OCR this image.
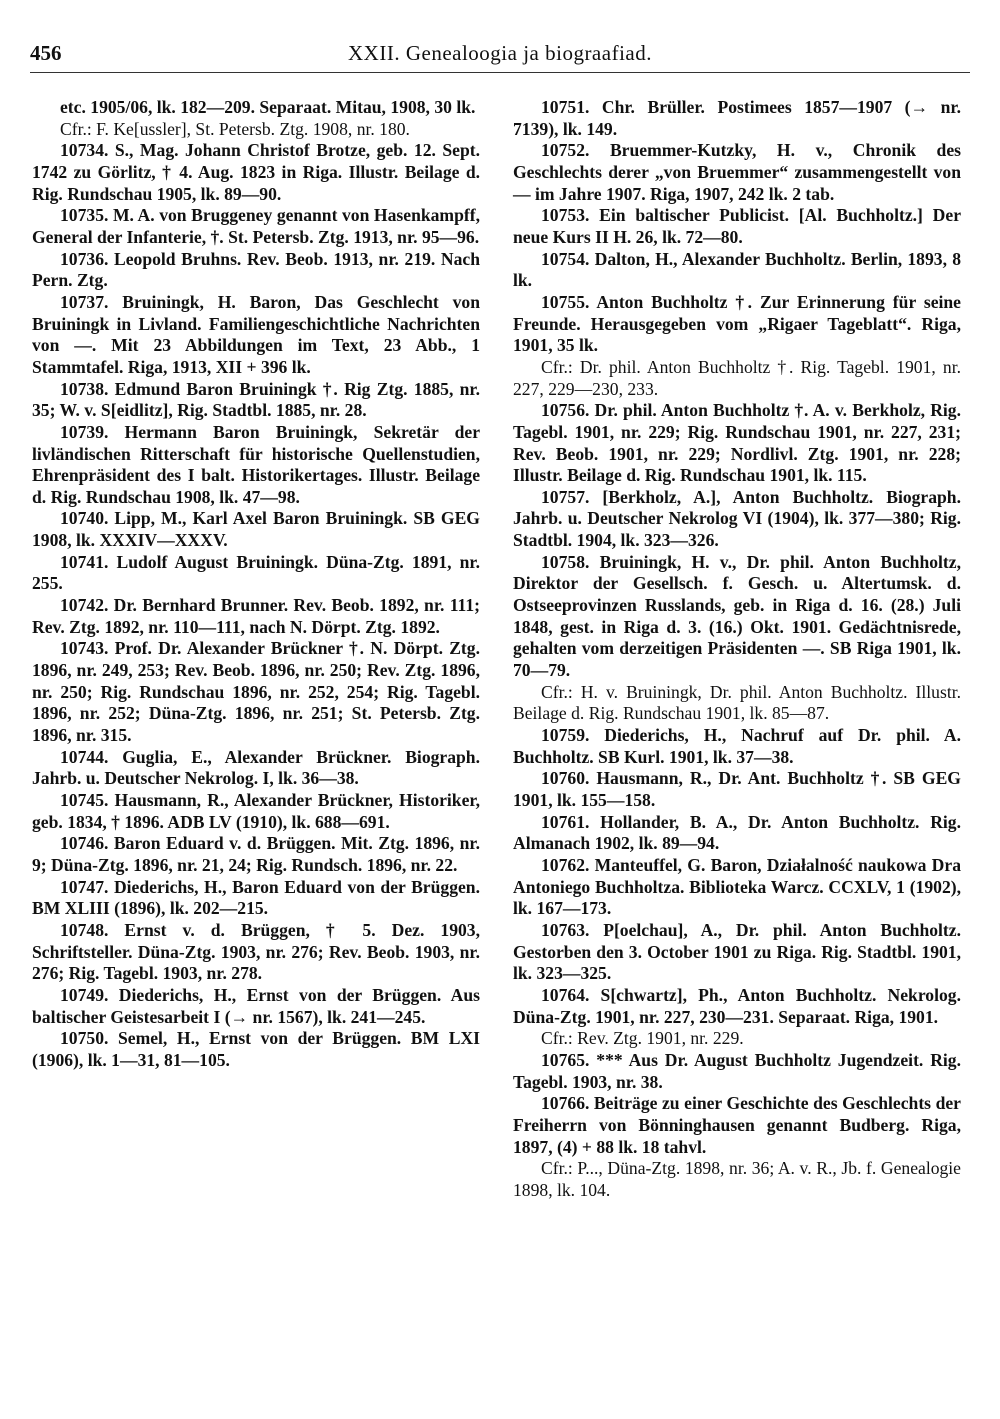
456	XXII. Genealoogia ja biograafiad.

etc. 1905/06, lk. 182—209. Separaat. Mitau, 1908, 30 lk.

Cfr.: F. Ke[ussler], St. Petersb. Ztg. 1908, nr. 180.

10734. S., Mag. Johann Christof Brotze, geb. 12. Sept. 1742 zu Görlitz, † 4. Aug. 1823 in Riga. Illustr. Beilage d. Rig. Rundschau 1905, lk. 89—90.

10735. M. A. von Bruggeney genannt von Hasenkampff, General der Infanterie, †. St. Petersb. Ztg. 1913, nr. 95—96.

10736. Leopold Bruhns. Rev. Beob. 1913, nr. 219. Nach Pern. Ztg.

10737. Bruiningk, H. Baron, Das Geschlecht von Bruiningk in Livland. Familiengeschichtliche Nachrichten von —. Mit 23 Abbildungen im Text, 23 Abb., 1 Stammtafel. Riga, 1913, XII + 396 lk.

10738. Edmund Baron Bruiningk †. Rig Ztg. 1885, nr. 35; W. v. S[eidlitz], Rig. Stadtbl. 1885, nr. 28.

10739. Hermann Baron Bruiningk, Sekretär der livländischen Ritterschaft für historische Quellenstudien, Ehrenpräsident des I balt. Historikertages. Illustr. Beilage d. Rig. Rundschau 1908, lk. 47—98.

10740. Lipp, M., Karl Axel Baron Bruiningk. SB GEG 1908, lk. XXXIV—XXXV.

10741. Ludolf August Bruiningk. Düna-Ztg. 1891, nr. 255.

10742. Dr. Bernhard Brunner. Rev. Beob. 1892, nr. 111; Rev. Ztg. 1892, nr. 110—111, nach N. Dörpt. Ztg. 1892.

10743. Prof. Dr. Alexander Brückner †. N. Dörpt. Ztg. 1896, nr. 249, 253; Rev. Beob. 1896, nr. 250; Rev. Ztg. 1896, nr. 250; Rig. Rundschau 1896, nr. 252, 254; Rig. Tagebl. 1896, nr. 252; Düna-Ztg. 1896, nr. 251; St. Petersb. Ztg. 1896, nr. 315.

10744. Guglia, E., Alexander Brückner. Biograph. Jahrb. u. Deutscher Nekrolog. I, lk. 36—38.

10745. Hausmann, R., Alexander Brückner, Historiker, geb. 1834, † 1896. ADB LV (1910), lk. 688—691.

10746. Baron Eduard v. d. Brüggen. Mit. Ztg. 1896, nr. 9; Düna-Ztg. 1896, nr. 21, 24; Rig. Rundsch. 1896, nr. 22.

10747. Diederichs, H., Baron Eduard von der Brüggen. BM XLIII (1896), lk. 202—215.

10748. Ernst v. d. Brüggen, † 5. Dez. 1903, Schriftsteller. Düna-Ztg. 1903, nr. 276; Rev. Beob. 1903, nr. 276; Rig. Tagebl. 1903, nr. 278.

10749. Diederichs, H., Ernst von der Brüggen. Aus baltischer Geistesarbeit I (→ nr. 1567), lk. 241—245.

10750. Semel, H., Ernst von der Brüggen. BM LXI (1906), lk. 1—31, 81—105.

10751. Chr. Brüller. Postimees 1857—1907 (→ nr. 7139), lk. 149.

10752. Bruemmer-Kutzky, H. v., Chronik des Geschlechts derer „von Bruemmer“ zusammengestellt von — im Jahre 1907. Riga, 1907, 242 lk. 2 tab.

10753. Ein baltischer Publicist. [Al. Buchholtz.] Der neue Kurs II H. 26, lk. 72—80.

10754. Dalton, H., Alexander Buchholtz. Berlin, 1893, 8 lk.

10755. Anton Buchholtz †. Zur Erinnerung für seine Freunde. Herausgegeben vom „Rigaer Tageblatt“. Riga, 1901, 35 lk.

Cfr.: Dr. phil. Anton Buchholtz †. Rig. Tagebl. 1901, nr. 227, 229—230, 233.

10756. Dr. phil. Anton Buchholtz †. A. v. Berkholz, Rig. Tagebl. 1901, nr. 229; Rig. Rundschau 1901, nr. 227, 231; Rev. Beob. 1901, nr. 229; Nordlivl. Ztg. 1901, nr. 228; Illustr. Beilage d. Rig. Rundschau 1901, lk. 115.

10757. [Berkholz, A.], Anton Buchholtz. Biograph. Jahrb. u. Deutscher Nekrolog VI (1904), lk. 377—380; Rig. Stadtbl. 1904, lk. 323—326.

10758. Bruiningk, H. v., Dr. phil. Anton Buchholtz, Direktor der Gesellsch. f. Gesch. u. Altertumsk. d. Ostseeprovinzen Russlands, geb. in Riga d. 16. (28.) Juli 1848, gest. in Riga d. 3. (16.) Okt. 1901. Gedächtnisrede, gehalten vom derzeitigen Präsidenten —. SB Riga 1901, lk. 70—79.

Cfr.: H. v. Bruiningk, Dr. phil. Anton Buchholtz. Illustr. Beilage d. Rig. Rundschau 1901, lk. 85—87.

10759. Diederichs, H., Nachruf auf Dr. phil. A. Buchholtz. SB Kurl. 1901, lk. 37—38.

10760. Hausmann, R., Dr. Ant. Buchholtz †. SB GEG 1901, lk. 155—158.

10761. Hollander, B. A., Dr. Anton Buchholtz. Rig. Almanach 1902, lk. 89—94.

10762. Manteuffel, G. Baron, Działalność naukowa Dra Antoniego Buchholtza. Biblioteka Warcz. CCXLV, 1 (1902), lk. 167—173.

10763. P[oelchau], A., Dr. phil. Anton Buchholtz. Gestorben den 3. October 1901 zu Riga. Rig. Stadtbl. 1901, lk. 323—325.

10764. S[chwartz], Ph., Anton Buchholtz. Nekrolog. Düna-Ztg. 1901, nr. 227, 230—231. Separaat. Riga, 1901.

Cfr.: Rev. Ztg. 1901, nr. 229.

10765. *** Aus Dr. August Buchholtz Jugendzeit. Rig. Tagebl. 1903, nr. 38.

10766. Beiträge zu einer Geschichte des Geschlechts der Freiherrn von Bönninghausen genannt Budberg. Riga, 1897, (4) + 88 lk. 18 tahvl.

Cfr.: P..., Düna-Ztg. 1898, nr. 36; A. v. R., Jb. f. Genealogie 1898, lk. 104.
